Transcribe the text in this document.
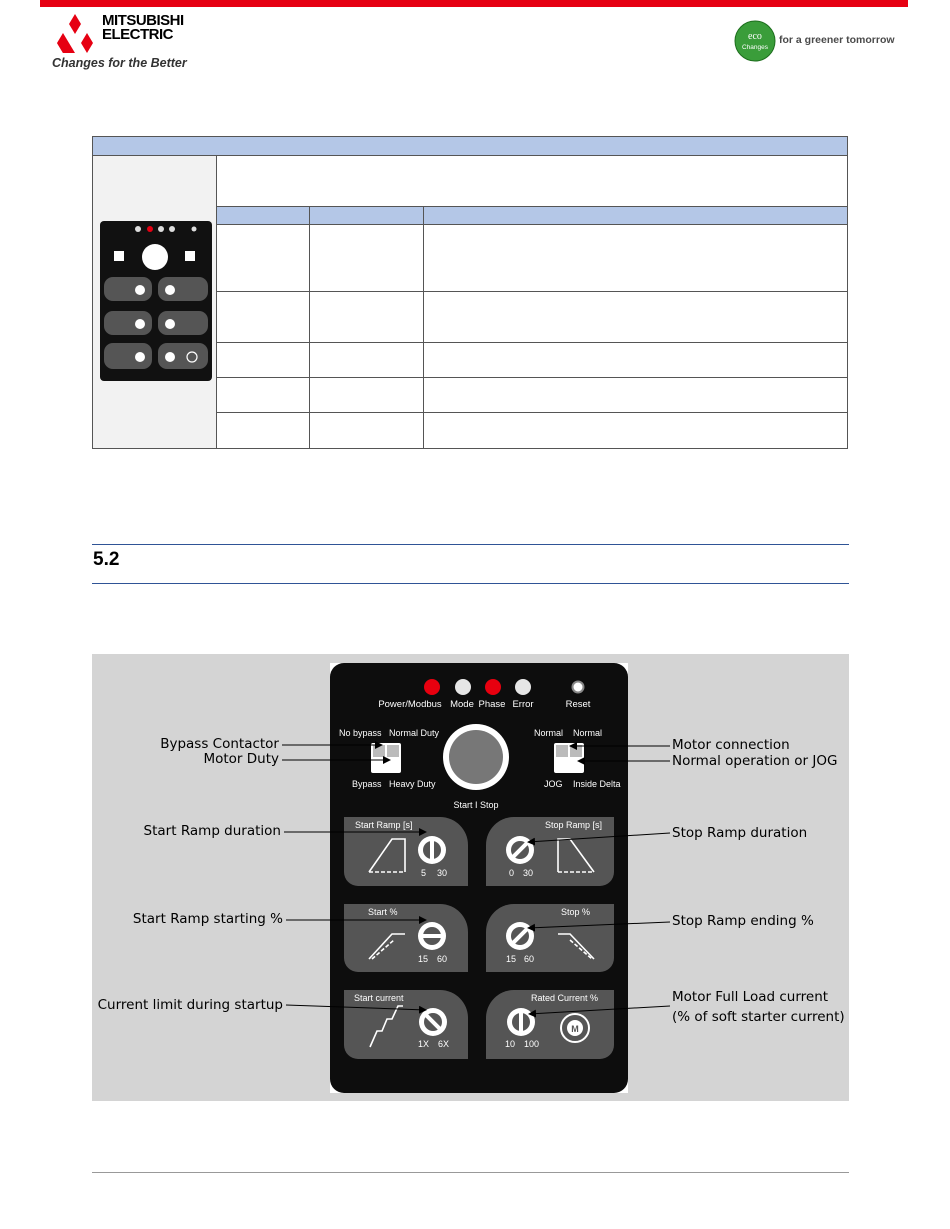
MITSUBISHI ELECTRIC
Changes for the Better
eco
Changes
for a greener tomorrow
5.2
Power/Modbus Mode Phase Error	Reset
No bypass Normal Duty
Bypass Heavy Duty
Start I Stop
Normal Normal
JOG Inside Delta
Start Ramp [s]	Stop Ramp [s]
Start %	Stop %
Start current	Rated Current %
M
5 30	0 30
15 60	15 60
1X 6X	10 100
Bypass Contactor
Motor Duty
Motor connection
Normal operation or JOG
Start Ramp duration	Stop Ramp duration
Start Ramp starting %	Stop Ramp ending %
Current limit during startup	Motor Full Load current
(% of soft starter current)
